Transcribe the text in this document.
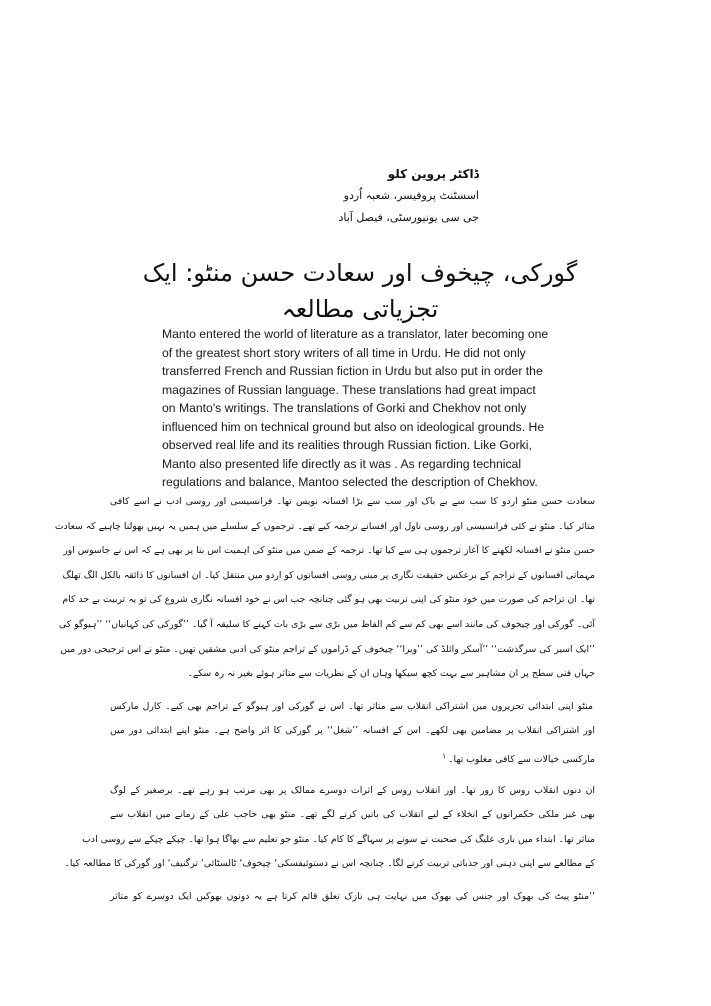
ڈاکٹر پروین کلو
اسسٹنٹ پروفیسر، شعبہ اُردو
جی سی یونیورسٹی، فیصل آباد
گورکی، چیخوف اور سعادت حسن منٹو: ایک تجزیاتی مطالعہ
Manto entered the world of literature as a translator, later becoming one
of the greatest short story writers of all time in Urdu. He did not only
transferred French and Russian fiction in Urdu but also put in order the
magazines of Russian language. These translations had great impact
on Manto's writings. The translations of Gorki and Chekhov not only
influenced him on technical ground but also on ideological grounds. He
observed real life and its realities through Russian fiction. Like Gorki,
Manto also presented life directly as it was . As regarding technical
regulations and balance, Mantoo selected the description of Chekhov.
سعادت حسن منٹو اردو کا سب سے بے باک اور سب سے بڑا افسانہ نویس تھا۔ فرانسیسی اور روسی ادب نے اسے کافی
متاثر کیا۔ منٹو نے کئی فرانسیسی اور روسی ناول اور افسانے ترجمہ کیے تھے۔ ترجموں کے سلسلے میں ہمیں یہ نہیں بھولنا چاہیے کہ سعادت
حسن منٹو نے افسانہ لکھنے کا آغاز ترجموں ہی سے کیا تھا۔ ترجمہ کے ضمن میں منٹو کی اہمیت اس بنا پر بھی ہے کہ اس نے جاسوس اور
مہماتی افسانوں کے تراجم کے برعکس حقیقت نگاری پر مبنی روسی افسانوں کو اردو میں منتقل کیا۔ ان افسانوں کا ذائقہ بالکل الگ تھلگ
تھا۔ ان تراجم کی صورت میں خود منٹو کی اپنی تربیت بھی ہو گئی چنانچہ جب اس نے خود افسانہ نگاری شروع کی تو یہ تربیت بے حد کام
آئی۔ گورکی اور چیخوف کی مانند اسے بھی کم سے کم الفاظ میں بڑی سے بڑی بات کہنے کا سلیقہ آ گیا۔ ’’گورکی کی کہانیاں‘‘ ’’ہیوگو کی
’’ایک اسیر کی سرگذشت‘‘ ’’آسکر وائلڈ کی ’’ویرا‘‘ چیخوف کے ڈراموں کے تراجم منٹو کی ادبی مشقیں تھیں۔ منٹو نے اس ترجیحی دور میں
جہاں فنی سطح پر ان مشاہیر سے بہت کچھ سیکھا وہاں ان کے نظریات سے متاثر ہوئے بغیر نہ رہ سکے۔
منٹو اپنی ابتدائی تحریروں میں اشتراکی انقلاب سے متاثر تھا۔ اس نے گورکی اور ہیوگو کے تراجم بھی کیے۔ کارل مارکس
اور اشتراکی انقلاب پر مضامین بھی لکھے۔ اس کے افسانہ ’’شغل‘‘ پر گورکی کا اثر واضح ہے۔ منٹو اپنے ابتدائی دور میں
مارکسی خیالات سے کافی مغلوب تھا۔$^۱$
ان دنوں انقلاب روس کا زور تھا۔ اور انقلاب روس کے اثرات دوسرے ممالک پر بھی مرتب ہو رہے تھے۔ برصغیر کے لوگ
بھی غیر ملکی حکمرانوں کے انخلاء کے لیے انقلاب کی باتیں کرنے لگے تھے۔ منٹو بھی حاجب علی کے زمانے میں انقلاب سے
متاثر تھا۔ ابتداء میں باری علیگ کی صحبت نے سونے پر سہاگے کا کام کیا۔ منٹو جو تعلیم سے بھاگا ہوا تھا۔ چپکے چپکے سے روسی ادب
کے مطالعے سے اپنی ذہنی اور جذباتی تربیت کرنے لگا۔ چنانچہ اس نے دستوئیفسکی‘ چیخوف‘ ٹالسٹائی‘ ترگنیف‘ اور گورکی کا مطالعہ کیا۔
’’منٹو پیٹ کی بھوک اور جنس کی بھوک میں نہایت ہی نازک تعلق قائم کرتا ہے یہ دونوں بھوکیں ایک دوسرے کو متاثر
